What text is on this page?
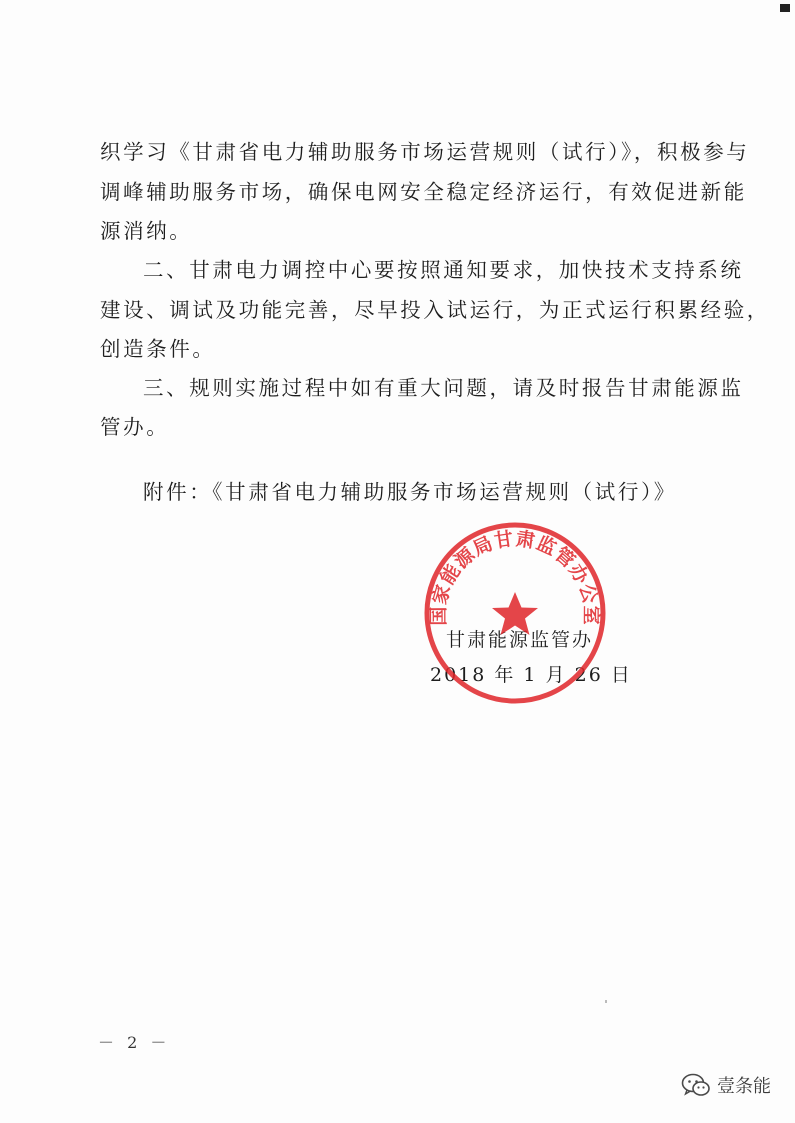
织学习《甘肃省电力辅助服务市场运营规则（试行）》，积极参与
调峰辅助服务市场，确保电网安全稳定经济运行，有效促进新能
源消纳。
二、甘肃电力调控中心要按照通知要求，加快技术支持系统
建设、调试及功能完善，尽早投入试运行，为正式运行积累经验，
创造条件。
三、规则实施过程中如有重大问题，请及时报告甘肃能源监
管办。
附件：《甘肃省电力辅助服务市场运营规则（试行）》
甘肃能源监管办
2018 年 1 月 26 日
国家能源局甘肃监管办公室
－ 2 －
壹条能
